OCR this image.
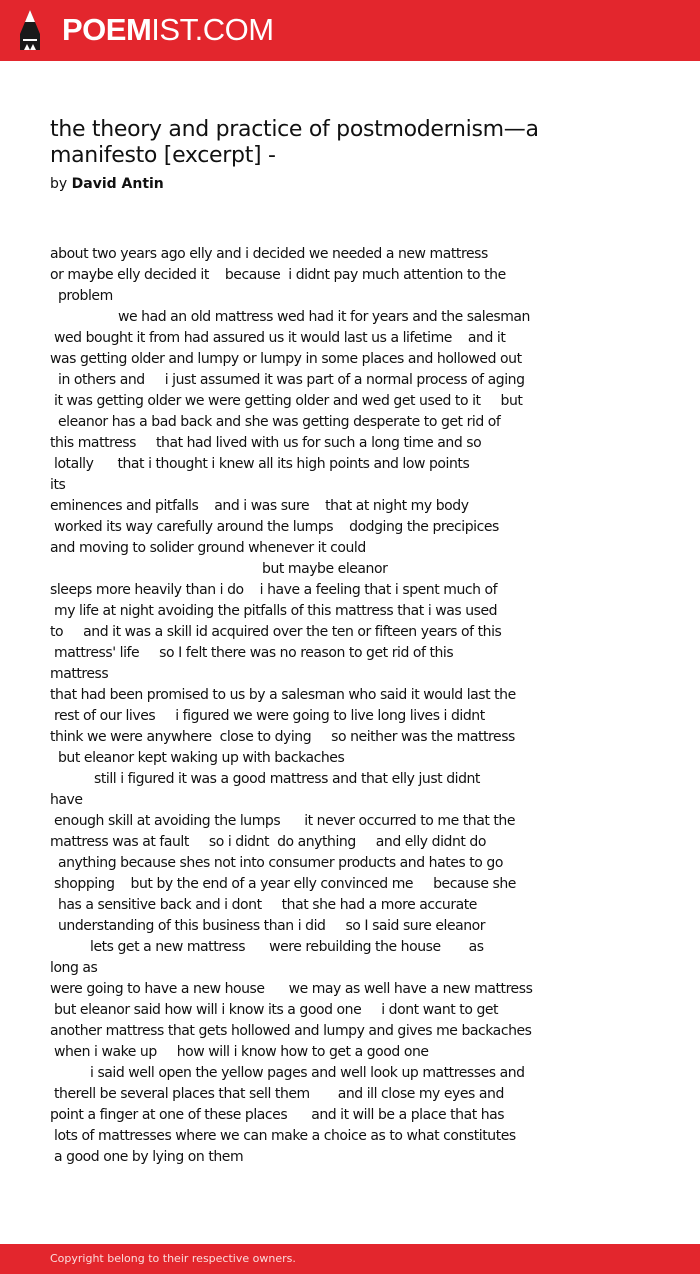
POEMIST.COM
the theory and practice of postmodernism—a
manifesto [excerpt] -
by David Antin
about two years ago elly and i decided we needed a new mattress
or maybe elly decided it    because  i didnt pay much attention to the
problem
we had an old mattress wed had it for years and the salesman
wed bought it from had assured us it would last us a lifetime    and it
was getting older and lumpy or lumpy in some places and hollowed out
in others and     i just assumed it was part of a normal process of aging
it was getting older we were getting older and wed get used to it     but
eleanor has a bad back and she was getting desperate to get rid of
this mattress     that had lived with us for such a long time and so
lotally      that i thought i knew all its high points and low points
its
eminences and pitfalls    and i was sure    that at night my body
worked its way carefully around the lumps    dodging the precipices
and moving to solider ground whenever it could
but maybe eleanor
sleeps more heavily than i do    i have a feeling that i spent much of
my life at night avoiding the pitfalls of this mattress that i was used
to     and it was a skill id acquired over the ten or fifteen years of this
mattress' life     so I felt there was no reason to get rid of this
mattress
that had been promised to us by a salesman who said it would last the
rest of our lives     i figured we were going to live long lives i didnt
think we were anywhere  close to dying     so neither was the mattress
but eleanor kept waking up with backaches
still i figured it was a good mattress and that elly just didnt
have
enough skill at avoiding the lumps      it never occurred to me that the
mattress was at fault     so i didnt  do anything     and elly didnt do
anything because shes not into consumer products and hates to go
shopping    but by the end of a year elly convinced me     because she
has a sensitive back and i dont     that she had a more accurate
understanding of this business than i did     so I said sure eleanor
lets get a new mattress      were rebuilding the house       as
long as
were going to have a new house      we may as well have a new mattress
but eleanor said how will i know its a good one     i dont want to get
another mattress that gets hollowed and lumpy and gives me backaches
when i wake up     how will i know how to get a good one
i said well open the yellow pages and well look up mattresses and
therell be several places that sell them       and ill close my eyes and
point a finger at one of these places      and it will be a place that has
lots of mattresses where we can make a choice as to what constitutes
a good one by lying on them
Copyright belong to their respective owners.
